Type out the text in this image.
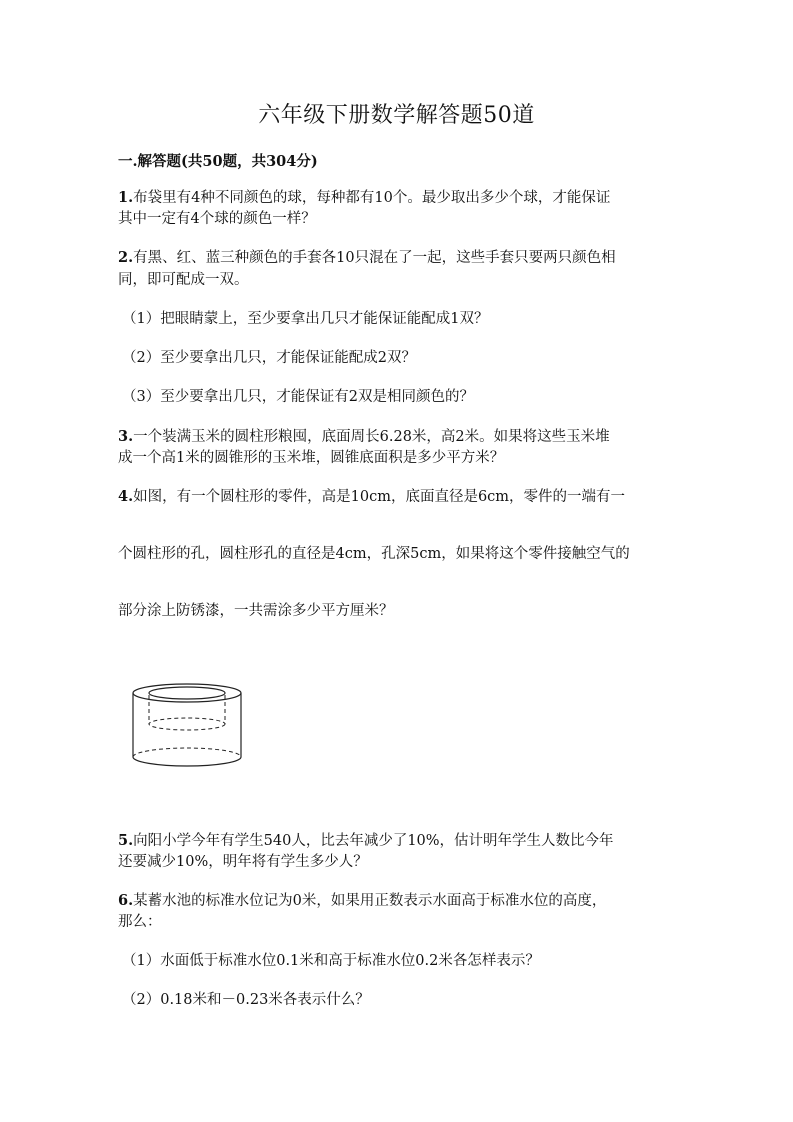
六年级下册数学解答题50道
一.解答题(共50题，共304分)
1.布袋里有4种不同颜色的球，每种都有10个。最少取出多少个球，才能保证
其中一定有4个球的颜色一样？
2.有黑、红、蓝三种颜色的手套各10只混在了一起，这些手套只要两只颜色相
同，即可配成一双。
（1）把眼睛蒙上，至少要拿出几只才能保证能配成1双？
（2）至少要拿出几只，才能保证能配成2双？
（3）至少要拿出几只，才能保证有2双是相同颜色的？
3.一个装满玉米的圆柱形粮囤，底面周长6.28米，高2米。如果将这些玉米堆
成一个高1米的圆锥形的玉米堆，圆锥底面积是多少平方米？
4.如图，有一个圆柱形的零件，高是10cm，底面直径是6cm，零件的一端有一
个圆柱形的孔，圆柱形孔的直径是4cm，孔深5cm，如果将这个零件接触空气的
部分涂上防锈漆，一共需涂多少平方厘米？
5.向阳小学今年有学生540人，比去年减少了10%，估计明年学生人数比今年
还要减少10%，明年将有学生多少人？
6.某蓄水池的标准水位记为0米，如果用正数表示水面高于标准水位的高度，
那么：
（1）水面低于标准水位0.1米和高于标准水位0.2米各怎样表示？
（2）0.18米和－0.23米各表示什么？
